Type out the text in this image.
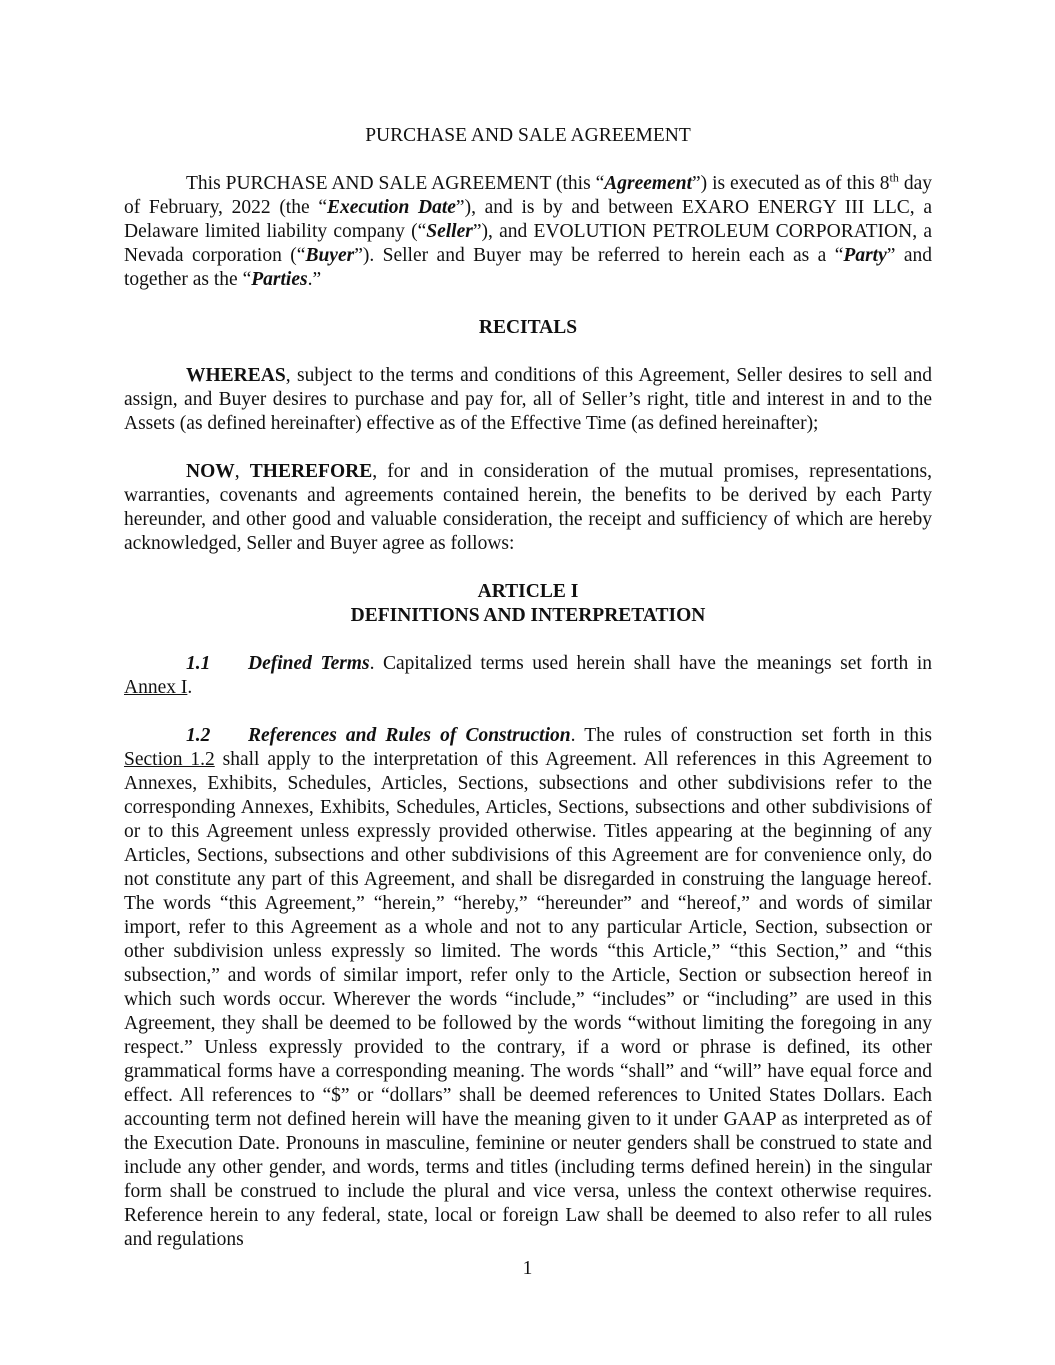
PURCHASE AND SALE AGREEMENT

This PURCHASE AND SALE AGREEMENT (this “Agreement”) is executed as of this 8th day of February, 2022 (the “Execution Date”), and is by and between EXARO ENERGY III LLC, a Delaware limited liability company (“Seller”), and EVOLUTION PETROLEUM CORPORATION, a Nevada corporation (“Buyer”). Seller and Buyer may be referred to herein each as a “Party” and together as the “Parties.”

RECITALS

WHEREAS, subject to the terms and conditions of this Agreement, Seller desires to sell and assign, and Buyer desires to purchase and pay for, all of Seller’s right, title and interest in and to the Assets (as defined hereinafter) effective as of the Effective Time (as defined hereinafter);

NOW, THEREFORE, for and in consideration of the mutual promises, representations, warranties, covenants and agreements contained herein, the benefits to be derived by each Party hereunder, and other good and valuable consideration, the receipt and sufficiency of which are hereby acknowledged, Seller and Buyer agree as follows:

ARTICLE I
DEFINITIONS AND INTERPRETATION

1.1 Defined Terms. Capitalized terms used herein shall have the meanings set forth in Annex I.

1.2 References and Rules of Construction. The rules of construction set forth in this Section 1.2 shall apply to the interpretation of this Agreement. All references in this Agreement to Annexes, Exhibits, Schedules, Articles, Sections, subsections and other subdivisions refer to the corresponding Annexes, Exhibits, Schedules, Articles, Sections, subsections and other subdivisions of or to this Agreement unless expressly provided otherwise. Titles appearing at the beginning of any Articles, Sections, subsections and other subdivisions of this Agreement are for convenience only, do not constitute any part of this Agreement, and shall be disregarded in construing the language hereof. The words “this Agreement,” “herein,” “hereby,” “hereunder” and “hereof,” and words of similar import, refer to this Agreement as a whole and not to any particular Article, Section, subsection or other subdivision unless expressly so limited. The words “this Article,” “this Section,” and “this subsection,” and words of similar import, refer only to the Article, Section or subsection hereof in which such words occur. Wherever the words “include,” “includes” or “including” are used in this Agreement, they shall be deemed to be followed by the words “without limiting the foregoing in any respect.” Unless expressly provided to the contrary, if a word or phrase is defined, its other grammatical forms have a corresponding meaning. The words “shall” and “will” have equal force and effect. All references to “$” or “dollars” shall be deemed references to United States Dollars. Each accounting term not defined herein will have the meaning given to it under GAAP as interpreted as of the Execution Date. Pronouns in masculine, feminine or neuter genders shall be construed to state and include any other gender, and words, terms and titles (including terms defined herein) in the singular form shall be construed to include the plural and vice versa, unless the context otherwise requires. Reference herein to any federal, state, local or foreign Law shall be deemed to also refer to all rules and regulations

1
